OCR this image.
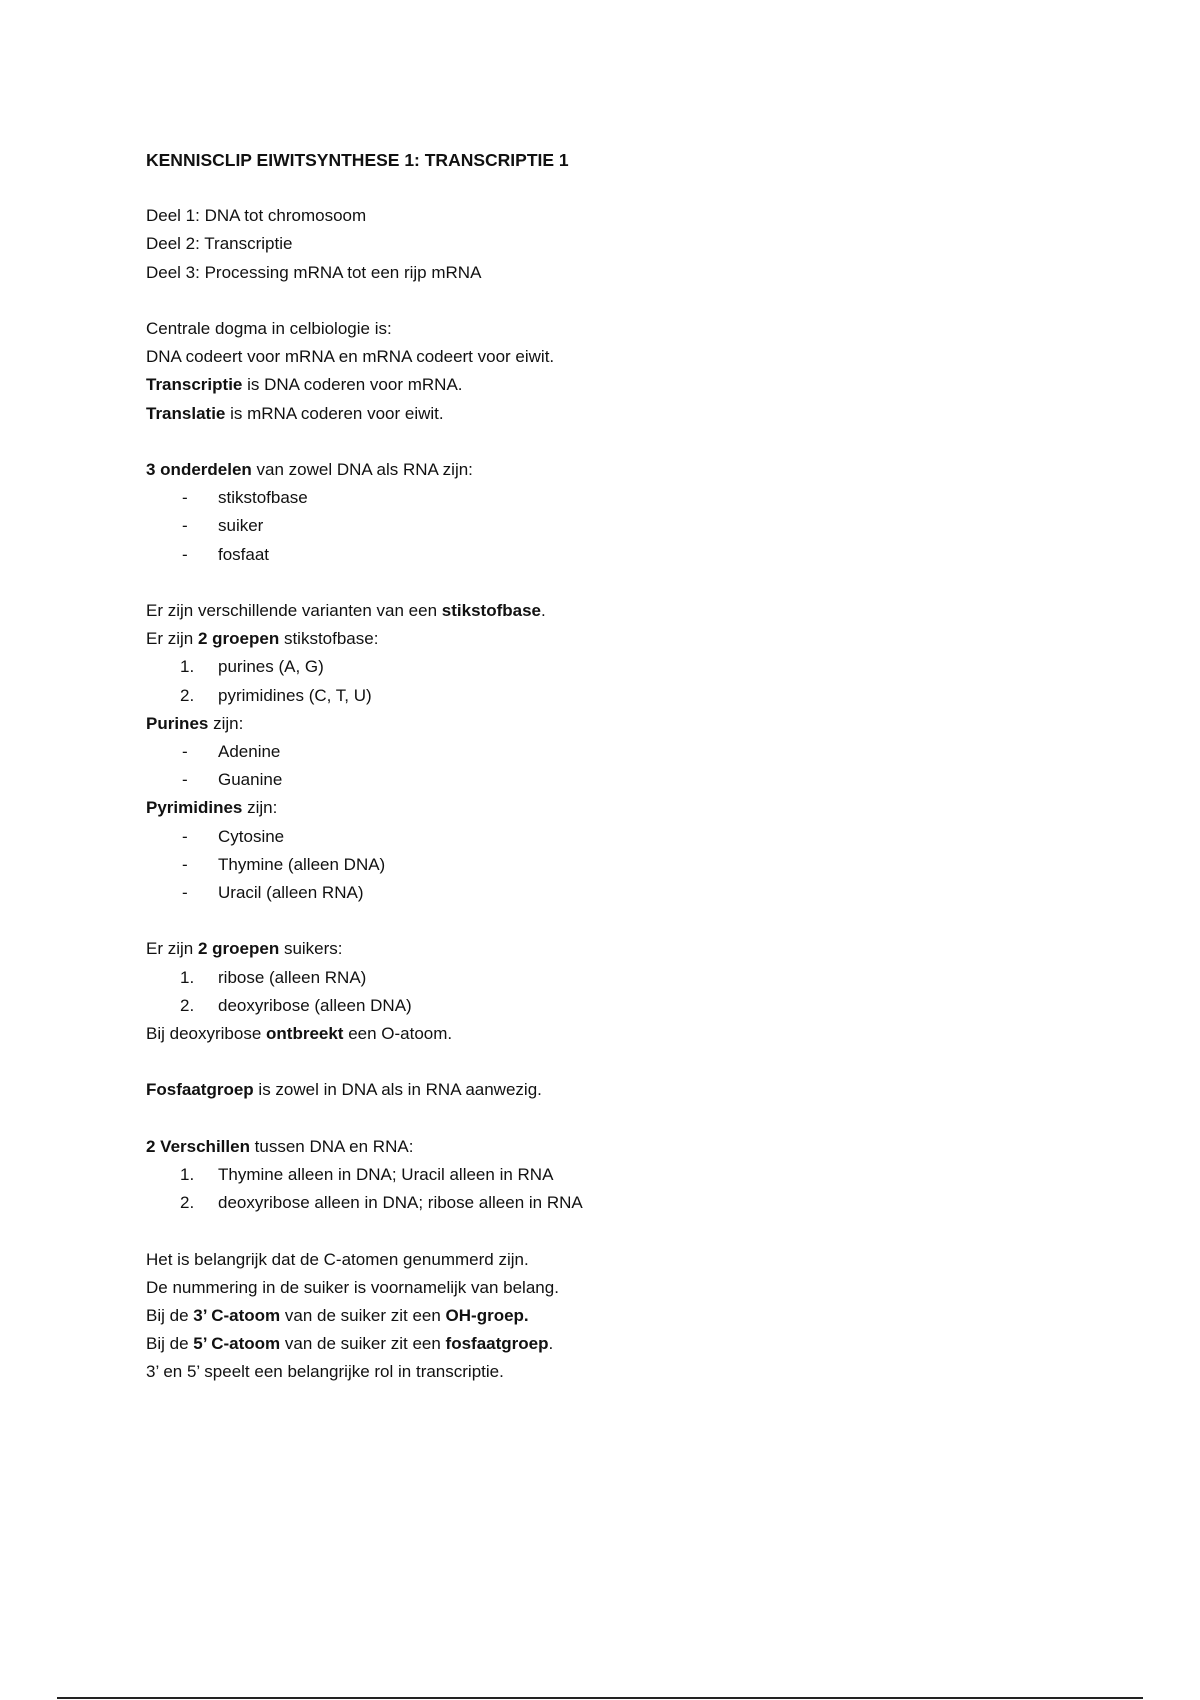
KENNISCLIP EIWITSYNTHESE 1: TRANSCRIPTIE 1

Deel 1: DNA tot chromosoom

Deel 2: Transcriptie

Deel 3: Processing mRNA tot een rijp mRNA

Centrale dogma in celbiologie is:

DNA codeert voor mRNA en mRNA codeert voor eiwit.

Transcriptie is DNA coderen voor mRNA.

Translatie is mRNA coderen voor eiwit.

3 onderdelen van zowel DNA als RNA zijn:

-	stikstofbase
-	suiker
-	fosfaat

Er zijn verschillende varianten van een stikstofbase.

Er zijn 2 groepen stikstofbase:

1.	purines (A, G)
2.	pyrimidines (C, T, U)

Purines zijn:

-	Adenine
-	Guanine

Pyrimidines zijn:

-	Cytosine
-	Thymine (alleen DNA)
-	Uracil (alleen RNA)

Er zijn 2 groepen suikers:

1.	ribose (alleen RNA)
2.	deoxyribose (alleen DNA)

Bij deoxyribose ontbreekt een O-atoom.

Fosfaatgroep is zowel in DNA als in RNA aanwezig.

2 Verschillen tussen DNA en RNA:

1.	Thymine alleen in DNA; Uracil alleen in RNA
2.	deoxyribose alleen in DNA; ribose alleen in RNA

Het is belangrijk dat de C-atomen genummerd zijn.

De nummering in de suiker is voornamelijk van belang.

Bij de 3’ C-atoom van de suiker zit een OH-groep.

Bij de 5’ C-atoom van de suiker zit een fosfaatgroep.

3’ en 5’ speelt een belangrijke rol in transcriptie.
